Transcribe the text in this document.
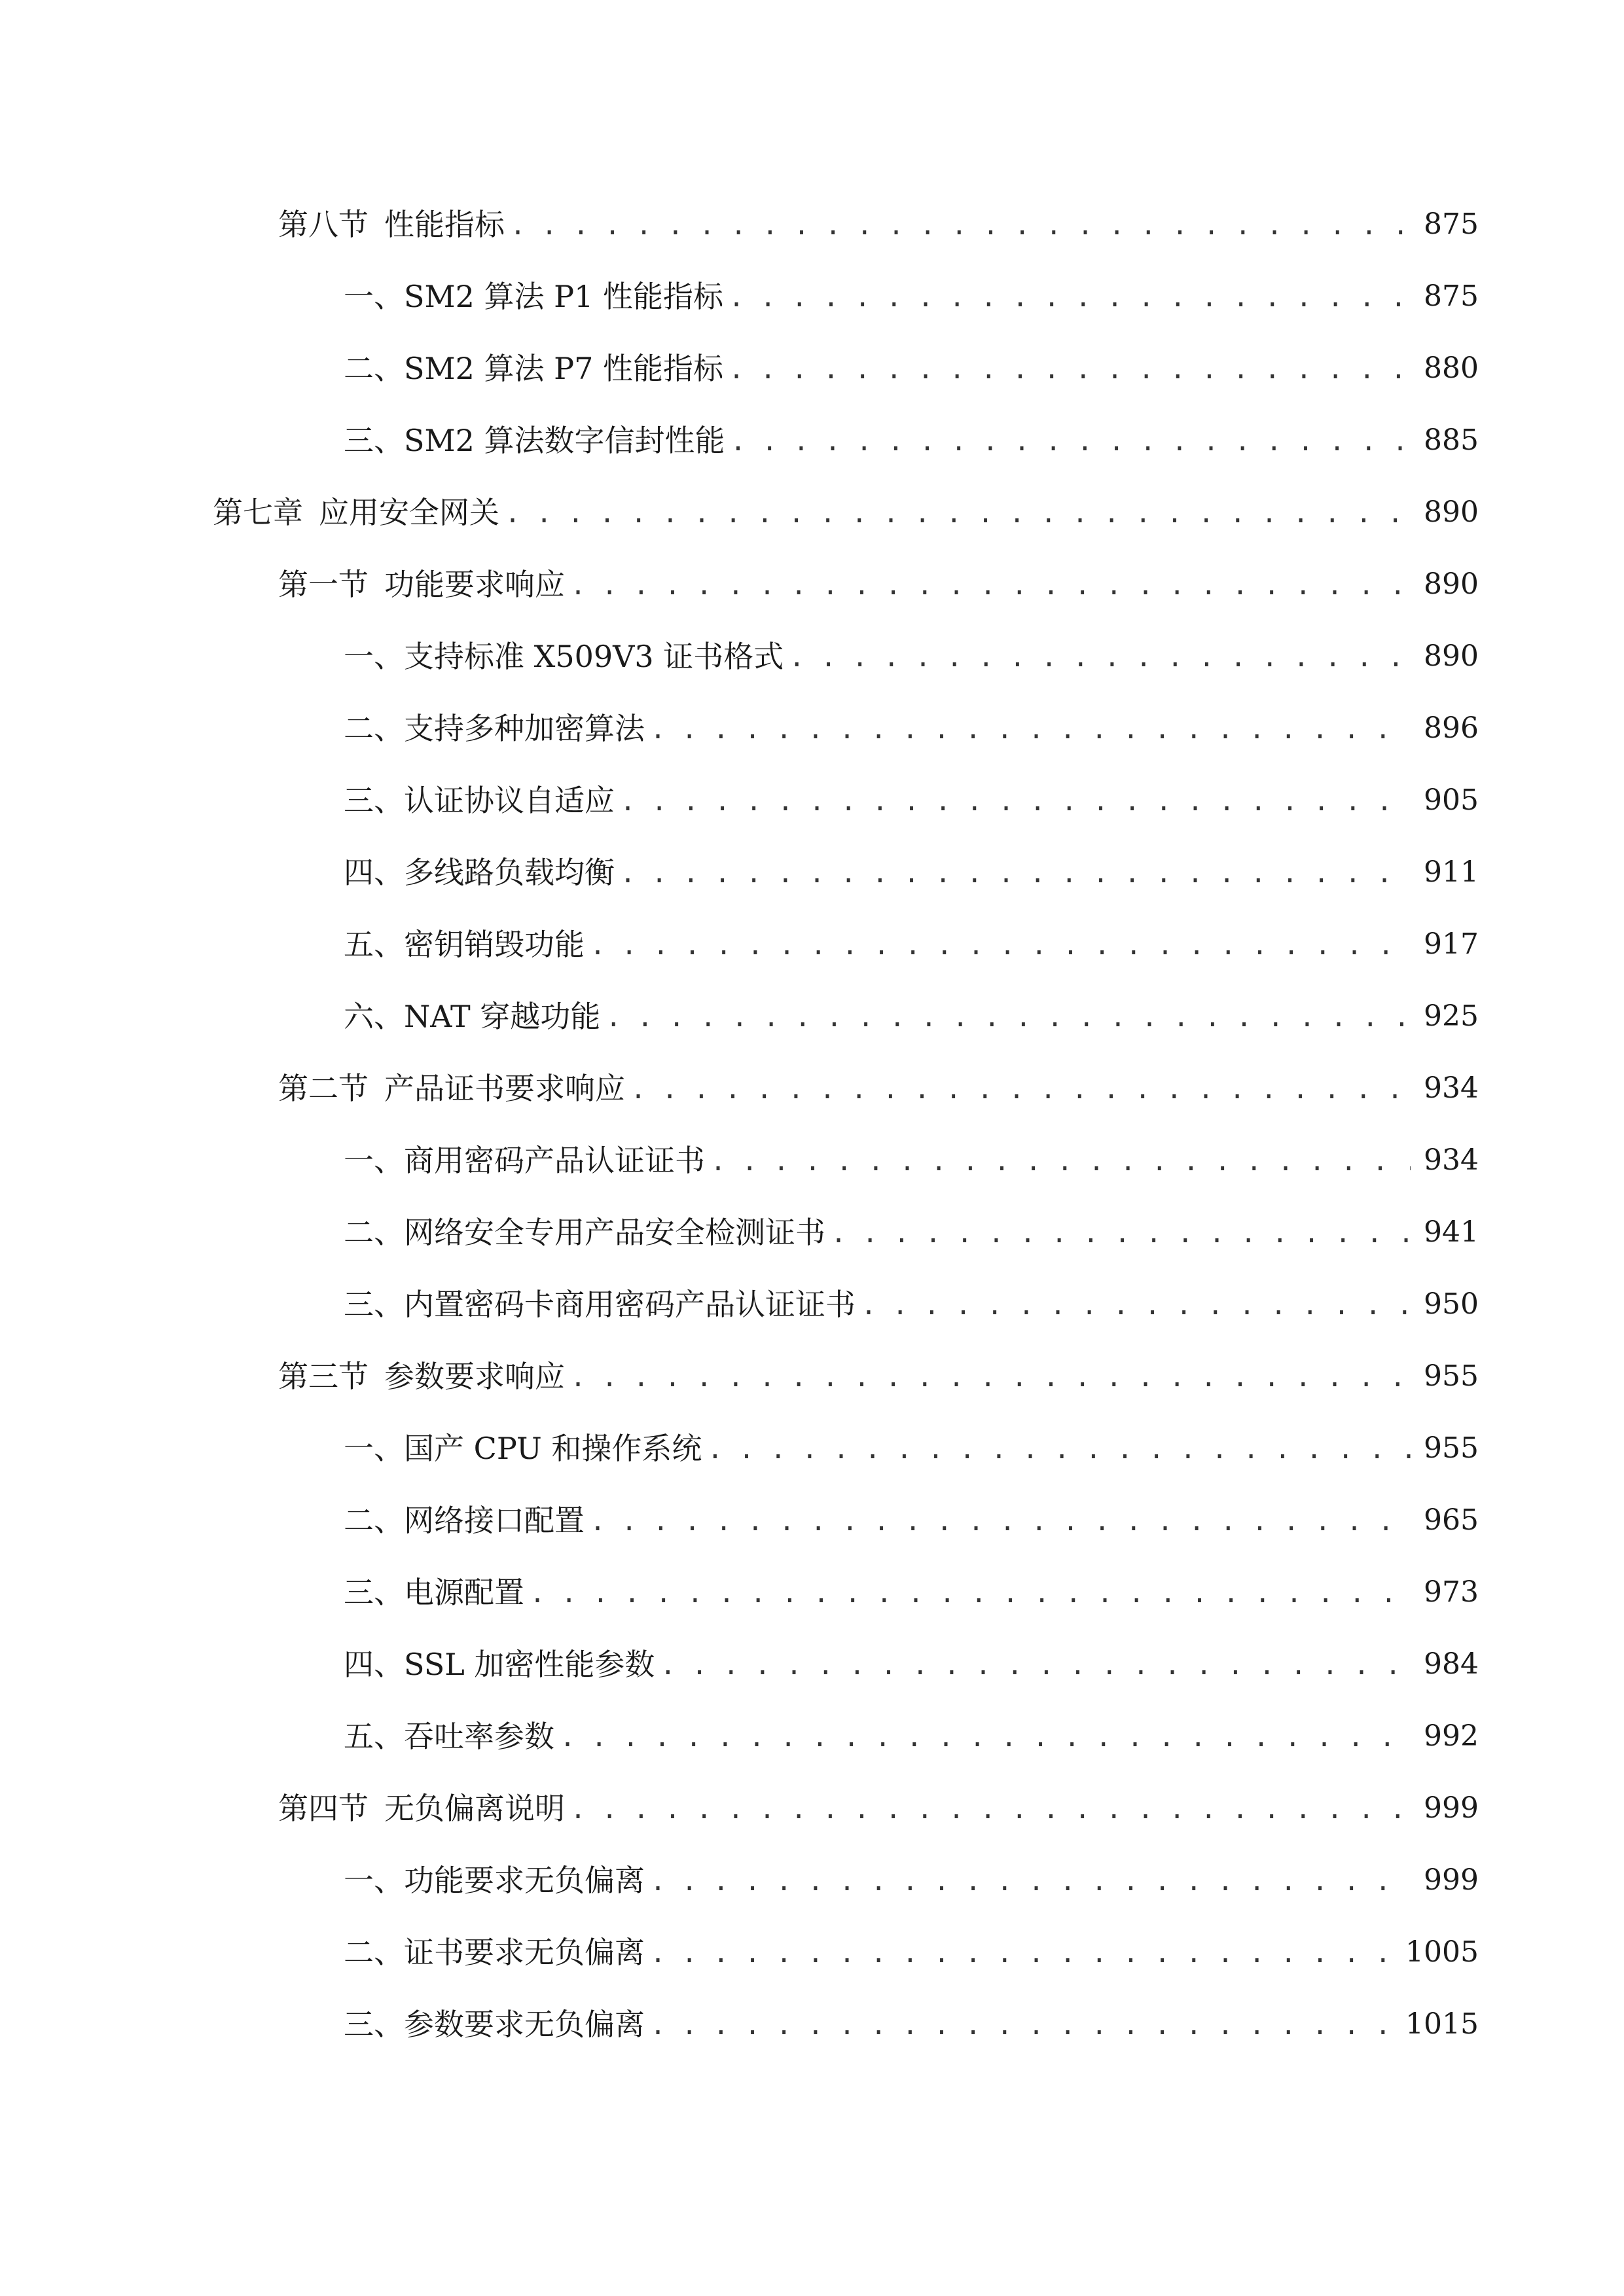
第八节 性能指标 . . .	875
一、 SM2 算法 P1 性能指标 . . .	875
二、 SM2 算法 P7 性能指标 . . .	880
三、 SM2 算法数字信封性能 . . .	885
第七章 应用安全网关 . . .	890
第一节 功能要求响应 . . .	890
一、 支持标准 X509V3 证书格式 . . .	890
二、 支持多种加密算法 . . .	896
三、 认证协议自适应 . . .	905
四、 多线路负载均衡 . . .	911
五、 密钥销毁功能 . . .	917
六、 NAT 穿越功能 . . .	925
第二节 产品证书要求响应 . . .	934
一、 商用密码产品认证证书 . . .	934
二、 网络安全专用产品安全检测证书 . . .	941
三、 内置密码卡商用密码产品认证证书 . . .	950
第三节 参数要求响应 . . .	955
一、 国产 CPU 和操作系统 . . .	955
二、 网络接口配置 . . .	965
三、 电源配置 . . .	973
四、 SSL 加密性能参数 . . .	984
五、 吞吐率参数 . . .	992
第四节 无负偏离说明 . . .	999
一、 功能要求无负偏离 . . .	999
二、 证书要求无负偏离 . . .	1005
三、 参数要求无负偏离 . . .	1015
